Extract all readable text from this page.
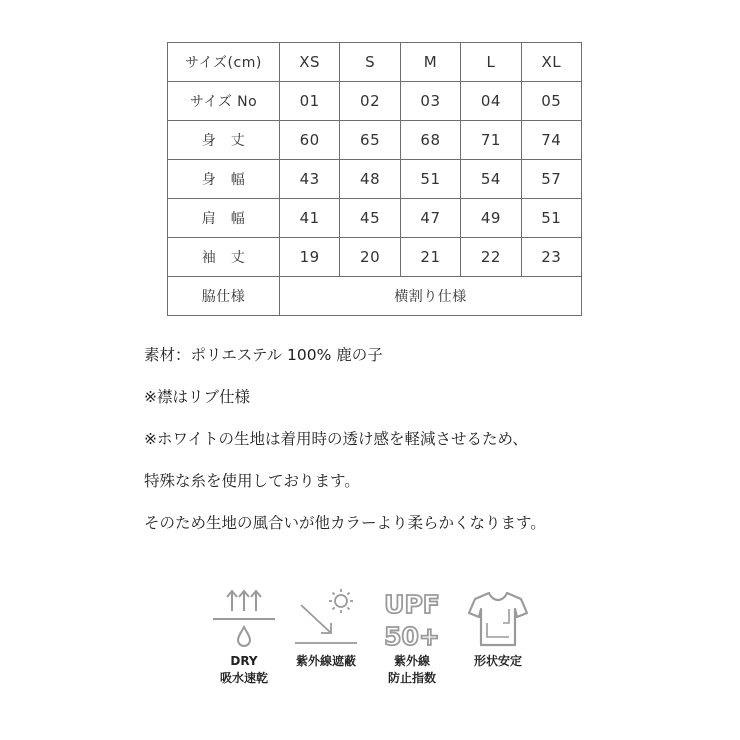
サイズ(cm)	XS	S	M	L	XL
サイズ No	01	02	03	04	05
身　丈	60	65	68	71	74
身　幅	43	48	51	54	57
肩　幅	41	45	47	49	51
袖　丈	19	20	21	22	23
脇仕様	横割り仕様				

素材：ポリエステル 100% 鹿の子

※襟はリブ仕様

※ホワイトの生地は着用時の透け感を軽減させるため、

特殊な糸を使用しております。

そのため生地の風合いが他カラーより柔らかくなります。

DRY
吸水速乾
紫外線遮蔽
UPF
50+
紫外線
防止指数
形状安定
